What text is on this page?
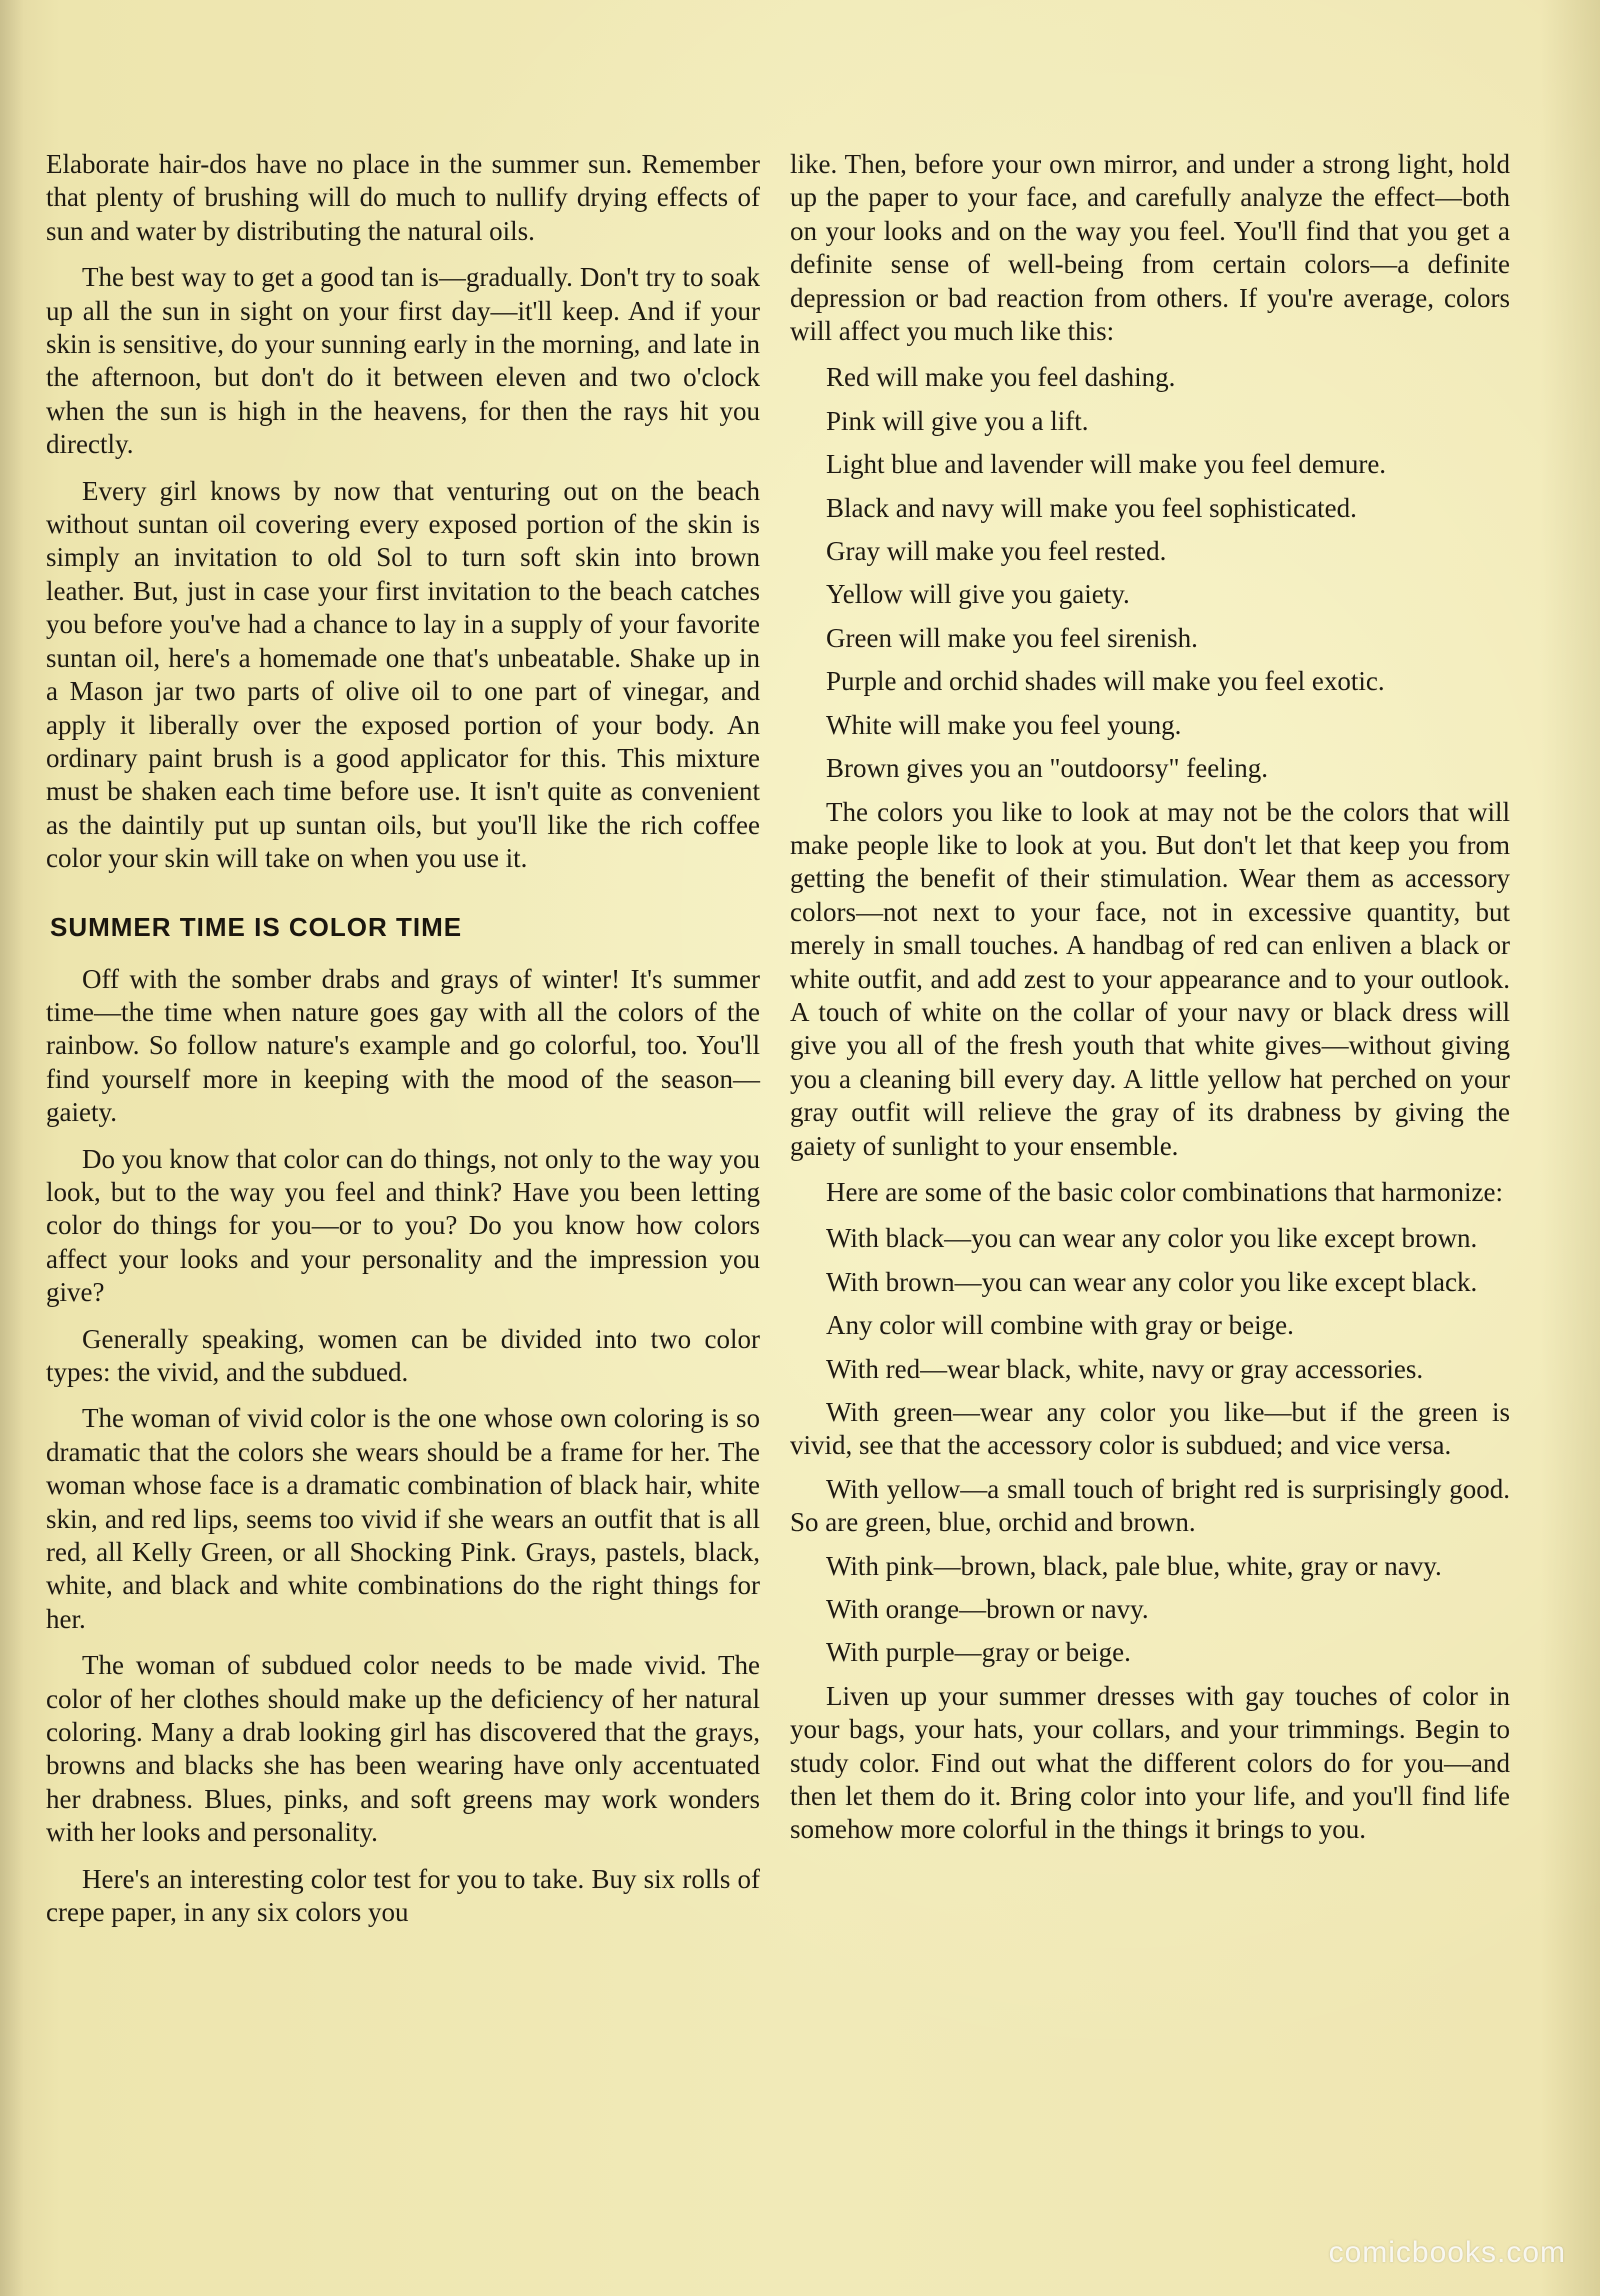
Elaborate hair-dos have no place in the summer sun. Remember that plenty of brushing will do much to nullify drying effects of sun and water by distributing the natural oils.

The best way to get a good tan is—gradually. Don't try to soak up all the sun in sight on your first day—it'll keep. And if your skin is sensitive, do your sunning early in the morning, and late in the afternoon, but don't do it between eleven and two o'clock when the sun is high in the heavens, for then the rays hit you directly.

Every girl knows by now that venturing out on the beach without suntan oil covering every exposed portion of the skin is simply an invitation to old Sol to turn soft skin into brown leather. But, just in case your first invitation to the beach catches you before you've had a chance to lay in a supply of your favorite suntan oil, here's a homemade one that's unbeatable. Shake up in a Mason jar two parts of olive oil to one part of vinegar, and apply it liberally over the exposed portion of your body. An ordinary paint brush is a good applicator for this. This mixture must be shaken each time before use. It isn't quite as convenient as the daintily put up suntan oils, but you'll like the rich coffee color your skin will take on when you use it.

SUMMER TIME IS COLOR TIME

Off with the somber drabs and grays of winter! It's summer time—the time when nature goes gay with all the colors of the rainbow. So follow nature's example and go colorful, too. You'll find yourself more in keeping with the mood of the season—gaiety.

Do you know that color can do things, not only to the way you look, but to the way you feel and think? Have you been letting color do things for you—or to you? Do you know how colors affect your looks and your personality and the impression you give?

Generally speaking, women can be divided into two color types: the vivid, and the subdued.

The woman of vivid color is the one whose own coloring is so dramatic that the colors she wears should be a frame for her. The woman whose face is a dramatic combination of black hair, white skin, and red lips, seems too vivid if she wears an outfit that is all red, all Kelly Green, or all Shocking Pink. Grays, pastels, black, white, and black and white combinations do the right things for her.

The woman of subdued color needs to be made vivid. The color of her clothes should make up the deficiency of her natural coloring. Many a drab looking girl has discovered that the grays, browns and blacks she has been wearing have only accentuated her drabness. Blues, pinks, and soft greens may work wonders with her looks and personality.

Here's an interesting color test for you to take. Buy six rolls of crepe paper, in any six colors you

like. Then, before your own mirror, and under a strong light, hold up the paper to your face, and carefully analyze the effect—both on your looks and on the way you feel. You'll find that you get a definite sense of well-being from certain colors—a definite depression or bad reaction from others. If you're average, colors will affect you much like this:

Red will make you feel dashing.

Pink will give you a lift.

Light blue and lavender will make you feel demure.

Black and navy will make you feel sophisticated.

Gray will make you feel rested.

Yellow will give you gaiety.

Green will make you feel sirenish.

Purple and orchid shades will make you feel exotic.

White will make you feel young.

Brown gives you an "outdoorsy" feeling.

The colors you like to look at may not be the colors that will make people like to look at you. But don't let that keep you from getting the benefit of their stimulation. Wear them as accessory colors—not next to your face, not in excessive quantity, but merely in small touches. A handbag of red can enliven a black or white outfit, and add zest to your appearance and to your outlook. A touch of white on the collar of your navy or black dress will give you all of the fresh youth that white gives—without giving you a cleaning bill every day. A little yellow hat perched on your gray outfit will relieve the gray of its drabness by giving the gaiety of sunlight to your ensemble.

Here are some of the basic color combinations that harmonize:

With black—you can wear any color you like except brown.

With brown—you can wear any color you like except black.

Any color will combine with gray or beige.

With red—wear black, white, navy or gray accessories.

With green—wear any color you like—but if the green is vivid, see that the accessory color is subdued; and vice versa.

With yellow—a small touch of bright red is surprisingly good. So are green, blue, orchid and brown.

With pink—brown, black, pale blue, white, gray or navy.

With orange—brown or navy.

With purple—gray or beige.

Liven up your summer dresses with gay touches of color in your bags, your hats, your collars, and your trimmings. Begin to study color. Find out what the different colors do for you—and then let them do it. Bring color into your life, and you'll find life somehow more colorful in the things it brings to you.

comicbooks.com
